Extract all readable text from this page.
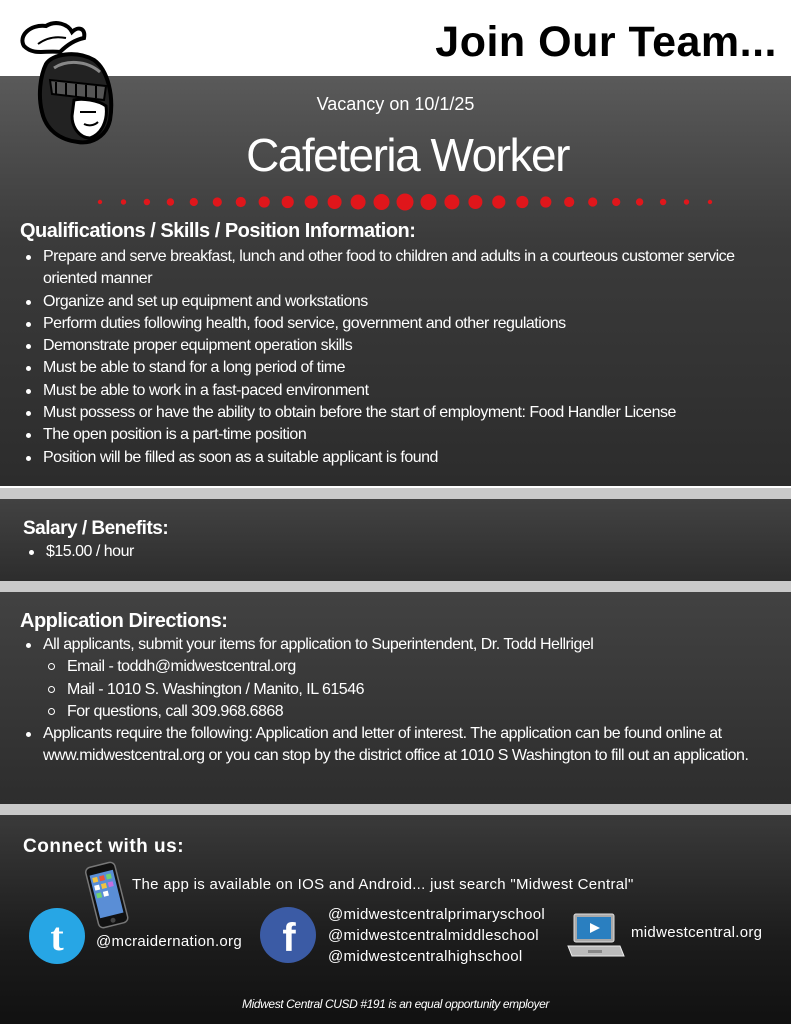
Join Our Team...
Vacancy on 10/1/25
Cafeteria Worker
Qualifications / Skills / Position Information:
Prepare and serve breakfast, lunch and other food to children and adults in a courteous customer service oriented manner
Organize and set up equipment and workstations
Perform duties following health, food service, government and other regulations
Demonstrate proper equipment operation skills
Must be able to stand for a long period of time
Must be able to work in a fast-paced environment
Must possess or have the ability to obtain before the start of employment: Food Handler License
The open position is a part-time position
Position will be filled as soon as a suitable applicant is found
Salary / Benefits:
$15.00 / hour
Application Directions:
All applicants, submit your items for application to Superintendent, Dr. Todd Hellrigel
Email - toddh@midwestcentral.org
Mail - 1010 S. Washington / Manito, IL 61546
For questions, call 309.968.6868
Applicants require the following: Application and letter of interest. The application can be found online at www.midwestcentral.org or you can stop by the district office at 1010 S Washington to fill out an application.
Connect with us:
The app is available on IOS and Android... just search "Midwest Central"
t @mcraidernation.org f
@midwestcentralprimaryschool
@midwestcentralmiddleschool
@midwestcentralhighschool
midwestcentral.org
Midwest Central CUSD #191 is an equal opportunity employer
